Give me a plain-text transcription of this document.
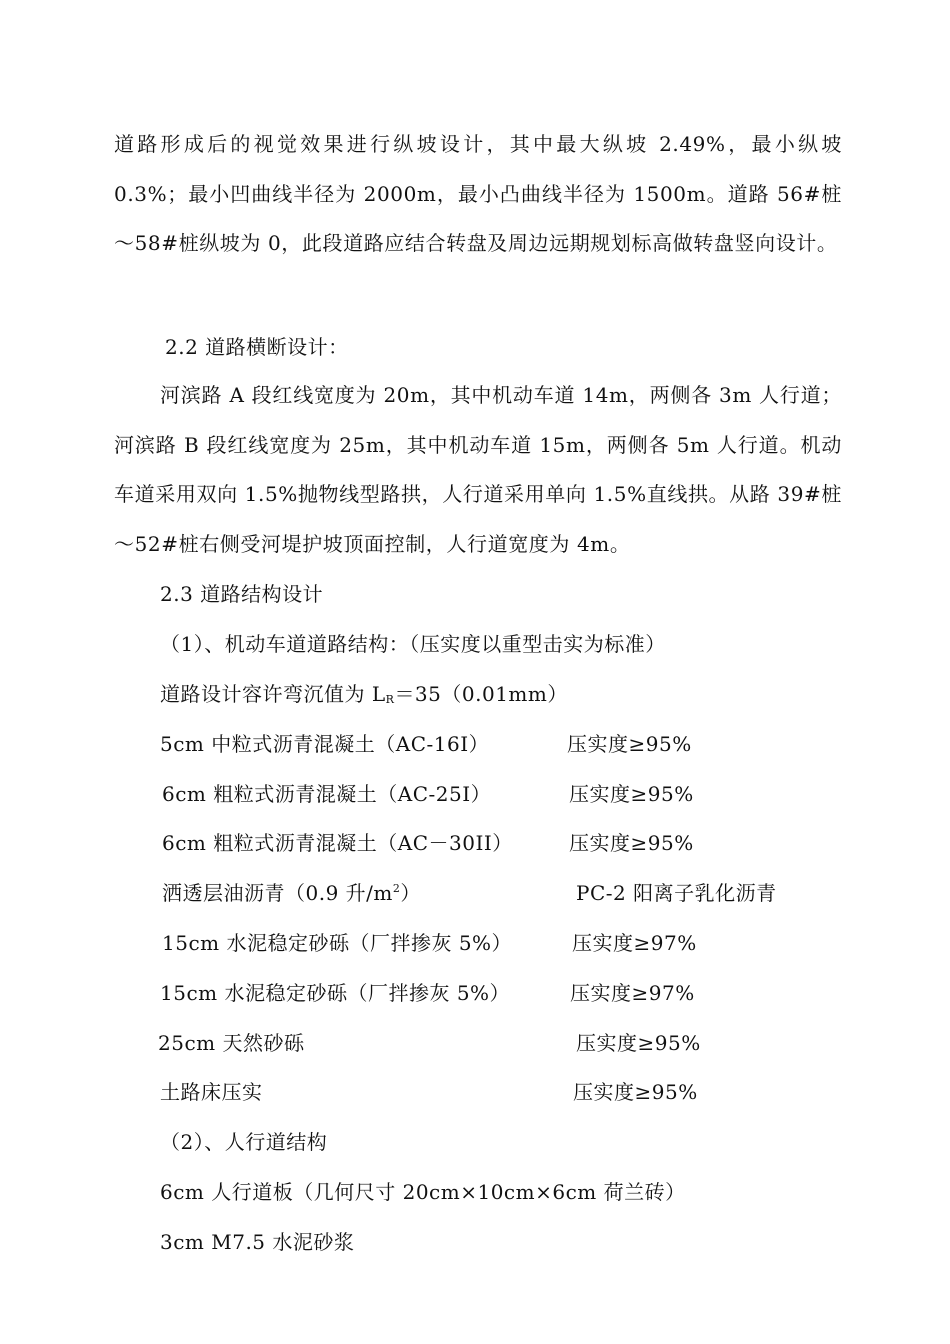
道路形成后的视觉效果进行纵坡设计，其中最大纵坡 2.49%，最小纵坡 0.3%；最小凹曲线半径为 2000m，最小凸曲线半径为 1500m。道路 56#桩～58#桩纵坡为 0，此段道路应结合转盘及周边远期规划标高做转盘竖向设计。
2.2 道路横断设计：
河滨路 A 段红线宽度为 20m，其中机动车道 14m，两侧各 3m 人行道；河滨路 B 段红线宽度为 25m，其中机动车道 15m，两侧各 5m 人行道。机动车道采用双向 1.5%抛物线型路拱，人行道采用单向 1.5%直线拱。从路 39#桩～52#桩右侧受河堤护坡顶面控制，人行道宽度为 4m。
2.3 道路结构设计
（1）、机动车道道路结构：（压实度以重型击实为标准）
道路设计容许弯沉值为 $L_R=35(0.01mm)$
5cm 中粒式沥青混凝土（AC-16I）	压实度≥95%
6cm 粗粒式沥青混凝土（AC-25I）	压实度≥95%
6cm 粗粒式沥青混凝土（AC－30II）	压实度≥95%
洒透层油沥青（0.9 升$/m^2$）	PC-2 阳离子乳化沥青
15cm 水泥稳定砂砾（厂拌掺灰 5%）	压实度≥97%
15cm 水泥稳定砂砾（厂拌掺灰 5%）	压实度≥97%
25cm 天然砂砾	压实度≥95%
土路床压实	压实度≥95%
（2）、人行道结构
6cm 人行道板（几何尺寸 20cm×10cm×6cm 荷兰砖）
3cm M7.5 水泥砂浆
